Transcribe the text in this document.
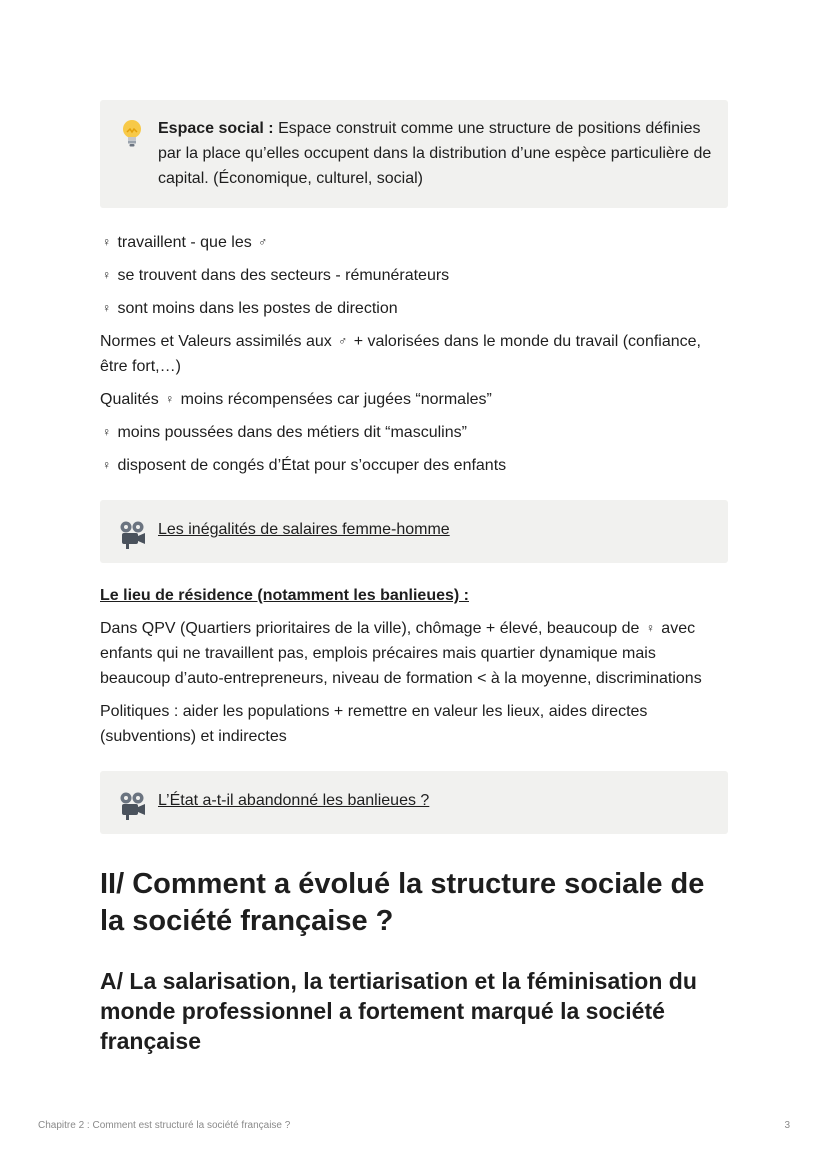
Espace social : Espace construit comme une structure de positions définies par la place qu’elles occupent dans la distribution d’une espèce particulière de capital. (Économique, culturel, social)

♀ travaillent - que les ♂

♀ se trouvent dans des secteurs - rémunérateurs

♀ sont moins dans les postes de direction

Normes et Valeurs assimilés aux ♂ + valorisées dans le monde du travail (confiance, être fort,…)

Qualités ♀ moins récompensées car jugées “normales”

♀ moins poussées dans des métiers dit “masculins”

♀ disposent de congés d’État pour s’occuper des enfants

Les inégalités de salaires femme-homme
Le lieu de résidence (notamment les banlieues) :

Dans QPV (Quartiers prioritaires de la ville), chômage + élevé, beaucoup de ♀ avec enfants qui ne travaillent pas, emplois précaires mais quartier dynamique mais beaucoup d’auto-entrepreneurs, niveau de formation < à la moyenne, discriminations

Politiques : aider les populations + remettre en valeur les lieux, aides directes (subventions) et indirectes

L’État a-t-il abandonné les banlieues ?
II/ Comment a évolué la structure sociale de la société française ?
A/ La salarisation, la tertiarisation et la féminisation du monde professionnel a fortement marqué la société française
Chapitre 2 : Comment est structuré la société française ?	3
